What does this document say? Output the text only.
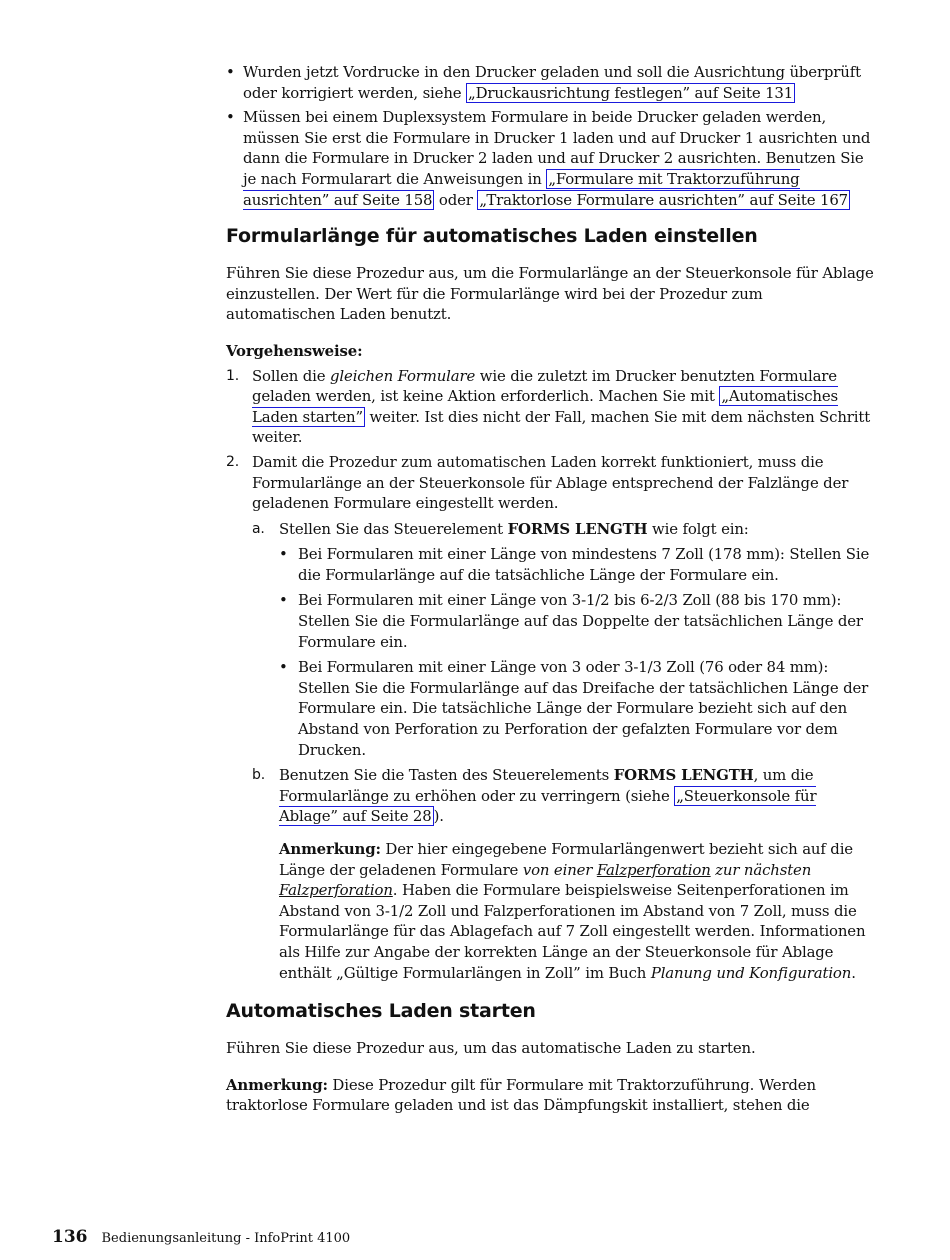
• Wurden jetzt Vordrucke in den Drucker geladen und soll die Ausrichtung überprüft oder korrigiert werden, siehe „Druckausrichtung festlegen” auf Seite 131
• Müssen bei einem Duplexsystem Formulare in beide Drucker geladen werden, müssen Sie erst die Formulare in Drucker 1 laden und auf Drucker 1 ausrichten und dann die Formulare in Drucker 2 laden und auf Drucker 2 ausrichten. Benutzen Sie je nach Formularart die Anweisungen in „Formulare mit Traktorzuführung ausrichten” auf Seite 158 oder „Traktorlose Formulare ausrichten” auf Seite 167
Formularlänge für automatisches Laden einstellen

Führen Sie diese Prozedur aus, um die Formularlänge an der Steuerkonsole für Ablage einzustellen. Der Wert für die Formularlänge wird bei der Prozedur zum automatischen Laden benutzt.

Vorgehensweise:

1. Sollen die gleichen Formulare wie die zuletzt im Drucker benutzten Formulare geladen werden, ist keine Aktion erforderlich. Machen Sie mit „Automatisches Laden starten” weiter. Ist dies nicht der Fall, machen Sie mit dem nächsten Schritt weiter.
2. Damit die Prozedur zum automatischen Laden korrekt funktioniert, muss die Formularlänge an der Steuerkonsole für Ablage entsprechend der Falzlänge der geladenen Formulare eingestellt werden.
a. Stellen Sie das Steuerelement FORMS LENGTH wie folgt ein:
• Bei Formularen mit einer Länge von mindestens 7 Zoll (178 mm): Stellen Sie die Formularlänge auf die tatsächliche Länge der Formulare ein.
• Bei Formularen mit einer Länge von 3-1/2 bis 6-2/3 Zoll (88 bis 170 mm): Stellen Sie die Formularlänge auf das Doppelte der tatsächlichen Länge der Formulare ein.
• Bei Formularen mit einer Länge von 3 oder 3-1/3 Zoll (76 oder 84 mm): Stellen Sie die Formularlänge auf das Dreifache der tatsächlichen Länge der Formulare ein. Die tatsächliche Länge der Formulare bezieht sich auf den Abstand von Perforation zu Perforation der gefalzten Formulare vor dem Drucken.
b. Benutzen Sie die Tasten des Steuerelements FORMS LENGTH, um die Formularlänge zu erhöhen oder zu verringern (siehe „Steuerkonsole für Ablage” auf Seite 28 ).
Anmerkung: Der hier eingegebene Formularlängenwert bezieht sich auf die Länge der geladenen Formulare von einer Falzperforation zur nächsten Falzperforation. Haben die Formulare beispielsweise Seitenperforationen im Abstand von 3-1/2 Zoll und Falzperforationen im Abstand von 7 Zoll, muss die Formularlänge für das Ablagefach auf 7 Zoll eingestellt werden. Informationen als Hilfe zur Angabe der korrekten Länge an der Steuerkonsole für Ablage enthält „Gültige Formularlängen in Zoll” im Buch Planung und Konfiguration.
Automatisches Laden starten

Führen Sie diese Prozedur aus, um das automatische Laden zu starten.

Anmerkung: Diese Prozedur gilt für Formulare mit Traktorzuführung. Werden traktorlose Formulare geladen und ist das Dämpfungskit installiert, stehen die

136 Bedienungsanleitung - InfoPrint 4100
